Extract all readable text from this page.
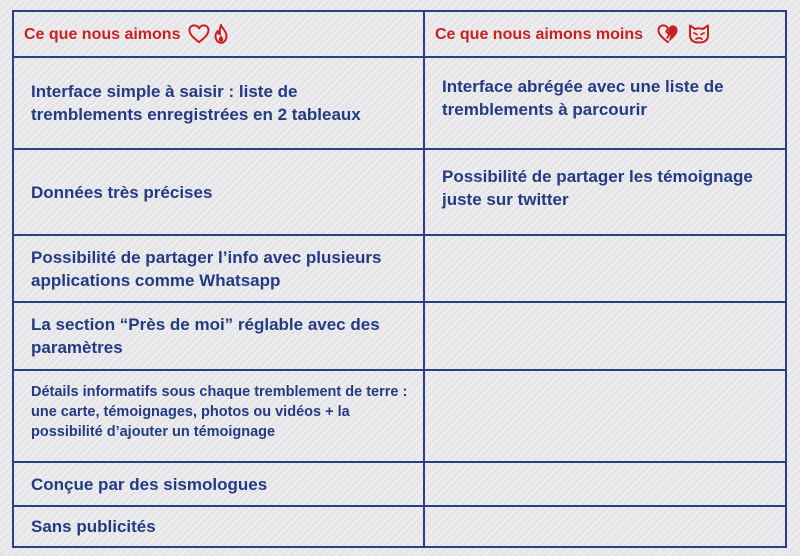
Ce que nous aimons	Ce que nous aimons moins
Interface simple à saisir : liste de tremblements enregistrées en 2 tableaux
Interface abrégée avec une liste de tremblements à parcourir
Données très précises
Possibilité de partager les témoignage juste sur twitter
Possibilité de partager l’info avec plusieurs applications comme Whatsapp
La section “Près de moi” réglable avec des paramètres
Détails informatifs sous chaque tremblement de terre : une carte, témoignages, photos ou vidéos + la possibilité d’ajouter un témoignage
Conçue par des sismologues
Sans publicités
